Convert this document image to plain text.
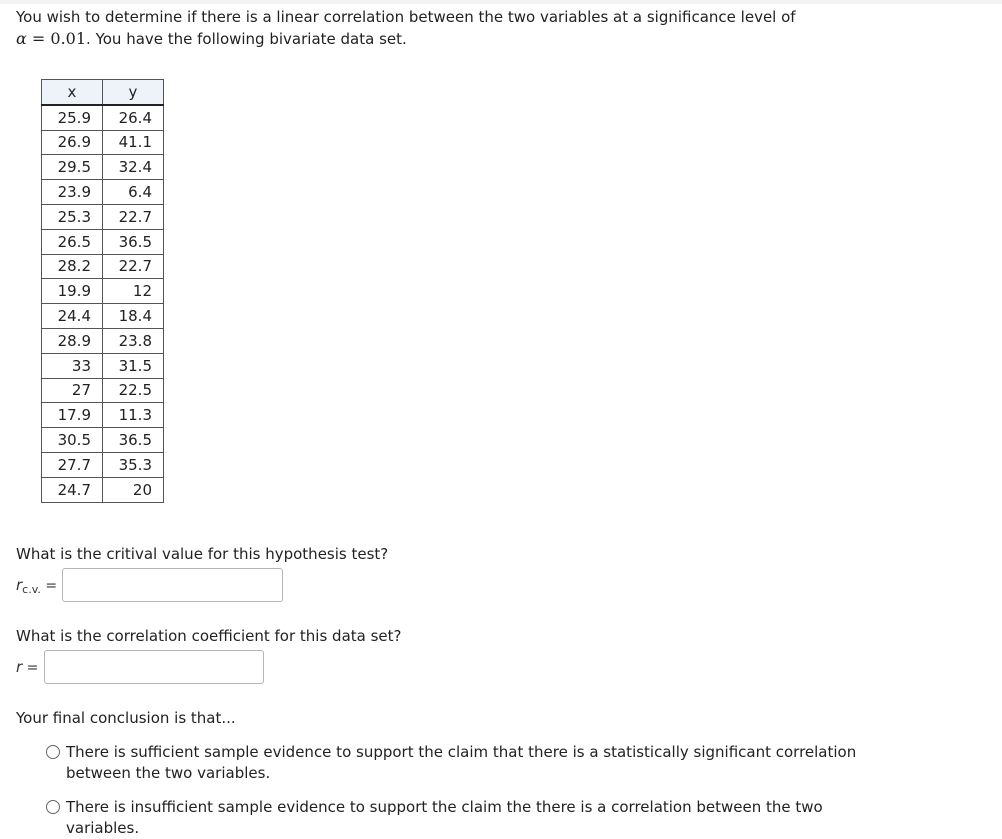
You wish to determine if there is a linear correlation between the two variables at a significance level of
α = 0.01. You have the following bivariate data set.
x	y
25.9	26.4
26.9	41.1
29.5	32.4
23.9	6.4
25.3	22.7
26.5	36.5
28.2	22.7
19.9	12
24.4	18.4
28.9	23.8
33	31.5
27	22.5
17.9	11.3
30.5	36.5
27.7	35.3
24.7	20
What is the critival value for this hypothesis test?
$r_{c.v.}$ =
What is the correlation coefficient for this data set?
r =
Your final conclusion is that...
There is sufficient sample evidence to support the claim that there is a statistically significant correlation between the two variables.
There is insufficient sample evidence to support the claim the there is a correlation between the two variables.
